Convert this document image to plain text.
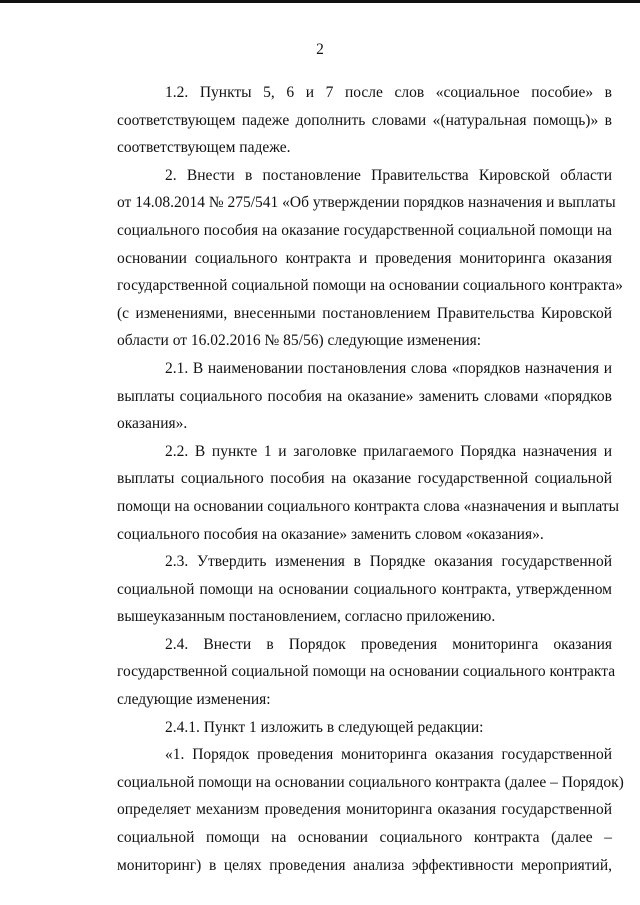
2
1.2. Пункты 5, 6 и 7 после слов «социальное пособие» в
соответствующем падеже дополнить словами «(натуральная помощь)» в
соответствующем падеже.
2. Внести в постановление Правительства Кировской области
от 14.08.2014 № 275/541 «Об утверждении порядков назначения и выплаты
социального пособия на оказание государственной социальной помощи на
основании социального контракта и проведения мониторинга оказания
государственной социальной помощи на основании социального контракта»
(с изменениями, внесенными постановлением Правительства Кировской
области от 16.02.2016 № 85/56) следующие изменения:
2.1. В наименовании постановления слова «порядков назначения и
выплаты социального пособия на оказание» заменить словами «порядков
оказания».
2.2. В пункте 1 и заголовке прилагаемого Порядка назначения и
выплаты социального пособия на оказание государственной социальной
помощи на основании социального контракта слова «назначения и выплаты
социального пособия на оказание» заменить словом «оказания».
2.3. Утвердить изменения в Порядке оказания государственной
социальной помощи на основании социального контракта, утвержденном
вышеуказанным постановлением, согласно приложению.
2.4. Внести в Порядок проведения мониторинга оказания
государственной социальной помощи на основании социального контракта
следующие изменения:
2.4.1. Пункт 1 изложить в следующей редакции:
«1. Порядок проведения мониторинга оказания государственной
социальной помощи на основании социального контракта (далее – Порядок)
определяет механизм проведения мониторинга оказания государственной
социальной помощи на основании социального контракта (далее –
мониторинг) в целях проведения анализа эффективности мероприятий,
